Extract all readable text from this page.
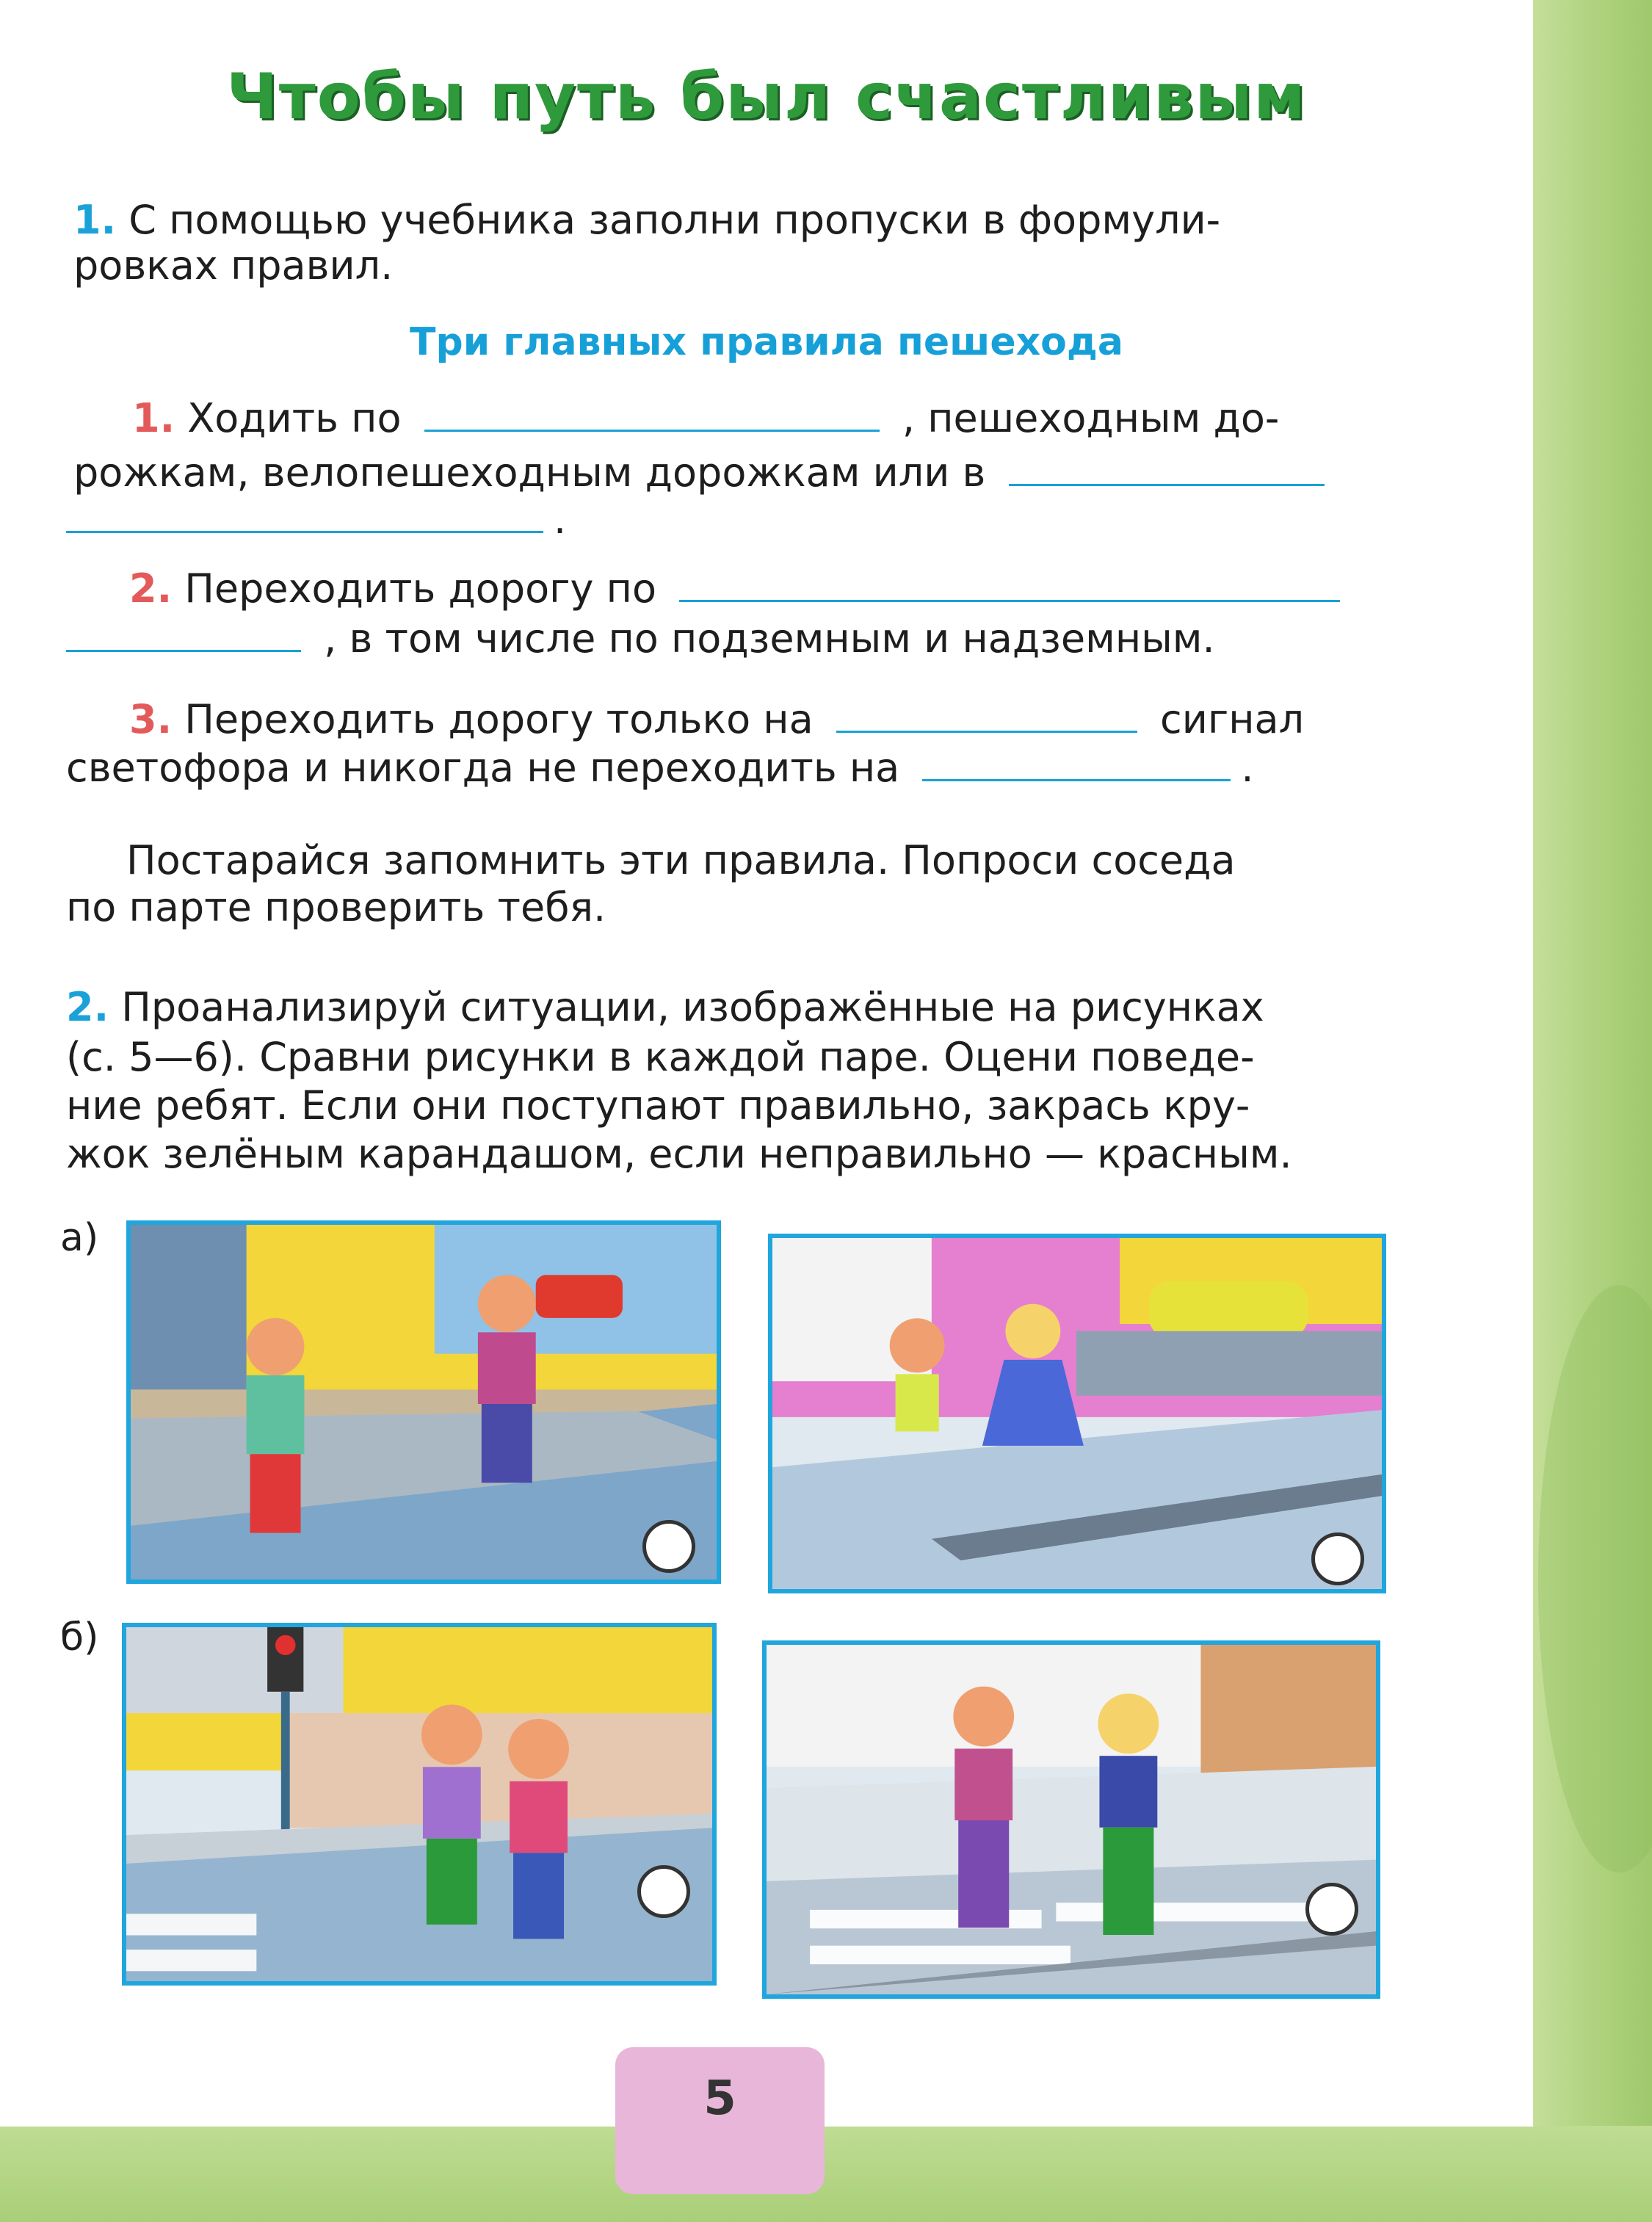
Чтобы путь был счастливым
1. С помощью учебника заполни пропуски в формули-
ровках правил.
Три главных правила пешехода
1. Ходить по	, пешеходным до-
рожкам, велопешеходным дорожкам или в
.
2. Переходить дорогу по
, в том числе по подземным и надземным.
3. Переходить дорогу только на	сигнал
светофора и никогда не переходить на	.
Постарайся запомнить эти правила. Попроси соседа
по парте проверить тебя.
2. Проанализируй ситуации, изображённые на рисунках
(с. 5—6). Сравни рисунки в каждой паре. Оцени поведе-
ние ребят. Если они поступают правильно, закрась кру-
жок зелёным карандашом, если неправильно — красным.
а)
б)
5
